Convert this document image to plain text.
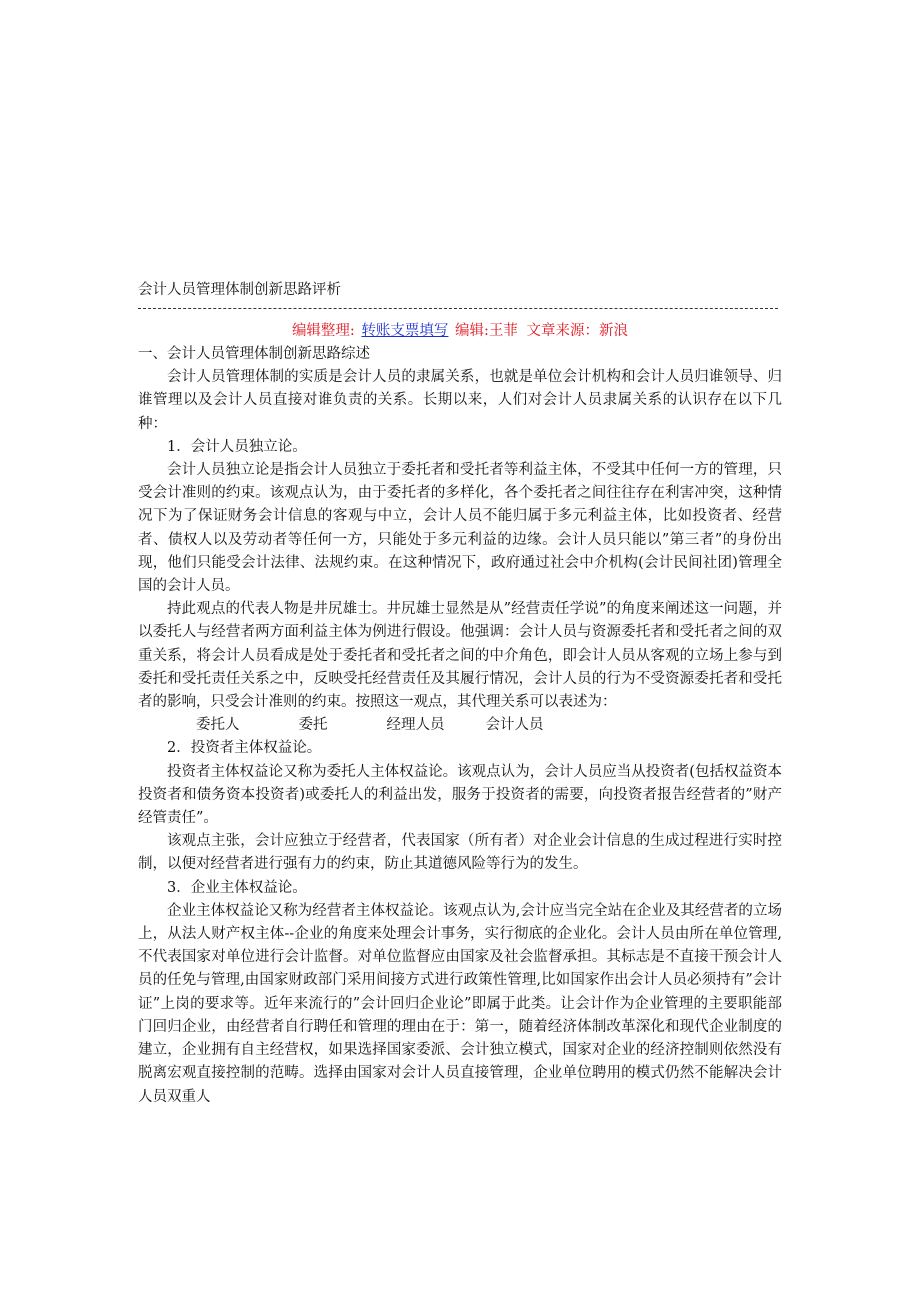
会计人员管理体制创新思路评析
编辑整理: 转账支票填写 编辑:王菲 文章来源：新浪

一、会计人员管理体制创新思路综述

会计人员管理体制的实质是会计人员的隶属关系，也就是单位会计机构和会计人员归谁领导、归谁管理以及会计人员直接对谁负责的关系。长期以来，人们对会计人员隶属关系的认识存在以下几种：

1．会计人员独立论。

会计人员独立论是指会计人员独立于委托者和受托者等利益主体，不受其中任何一方的管理，只受会计准则的约束。该观点认为，由于委托者的多样化，各个委托者之间往往存在利害冲突，这种情况下为了保证财务会计信息的客观与中立，会计人员不能归属于多元利益主体，比如投资者、经营者、债权人以及劳动者等任何一方，只能处于多元利益的边缘。会计人员只能以”第三者”的身份出现，他们只能受会计法律、法规约束。在这种情况下，政府通过社会中介机构(会计民间社团)管理全国的会计人员。

持此观点的代表人物是井尻雄士。井尻雄士显然是从”经营责任学说”的角度来阐述这一问题，并以委托人与经营者两方面利益主体为例进行假设。他强调：会计人员与资源委托者和受托者之间的双重关系，将会计人员看成是处于委托者和受托者之间的中介角色，即会计人员从客观的立场上参与到委托和受托责任关系之中，反映受托经营责任及其履行情况，会计人员的行为不受资源委托者和受托者的影响，只受会计准则的约束。按照这一观点，其代理关系可以表述为：

委托人	委托	经理人员	会计人员

2．投资者主体权益论。

投资者主体权益论又称为委托人主体权益论。该观点认为，会计人员应当从投资者(包括权益资本投资者和债务资本投资者)或委托人的利益出发，服务于投资者的需要，向投资者报告经营者的”财产经管责任”。

该观点主张，会计应独立于经营者，代表国家（所有者）对企业会计信息的生成过程进行实时控制，以便对经营者进行强有力的约束，防止其道德风险等行为的发生。

3．企业主体权益论。

企业主体权益论又称为经营者主体权益论。该观点认为,会计应当完全站在企业及其经营者的立场上，从法人财产权主体--企业的角度来处理会计事务，实行彻底的企业化。会计人员由所在单位管理,不代表国家对单位进行会计监督。对单位监督应由国家及社会监督承担。其标志是不直接干预会计人员的任免与管理,由国家财政部门采用间接方式进行政策性管理,比如国家作出会计人员必须持有”会计证”上岗的要求等。近年来流行的”会计回归企业论”即属于此类。让会计作为企业管理的主要职能部门回归企业，由经营者自行聘任和管理的理由在于：第一，随着经济体制改革深化和现代企业制度的建立，企业拥有自主经营权，如果选择国家委派、会计独立模式，国家对企业的经济控制则依然没有脱离宏观直接控制的范畴。选择由国家对会计人员直接管理，企业单位聘用的模式仍然不能解决会计人员双重人
